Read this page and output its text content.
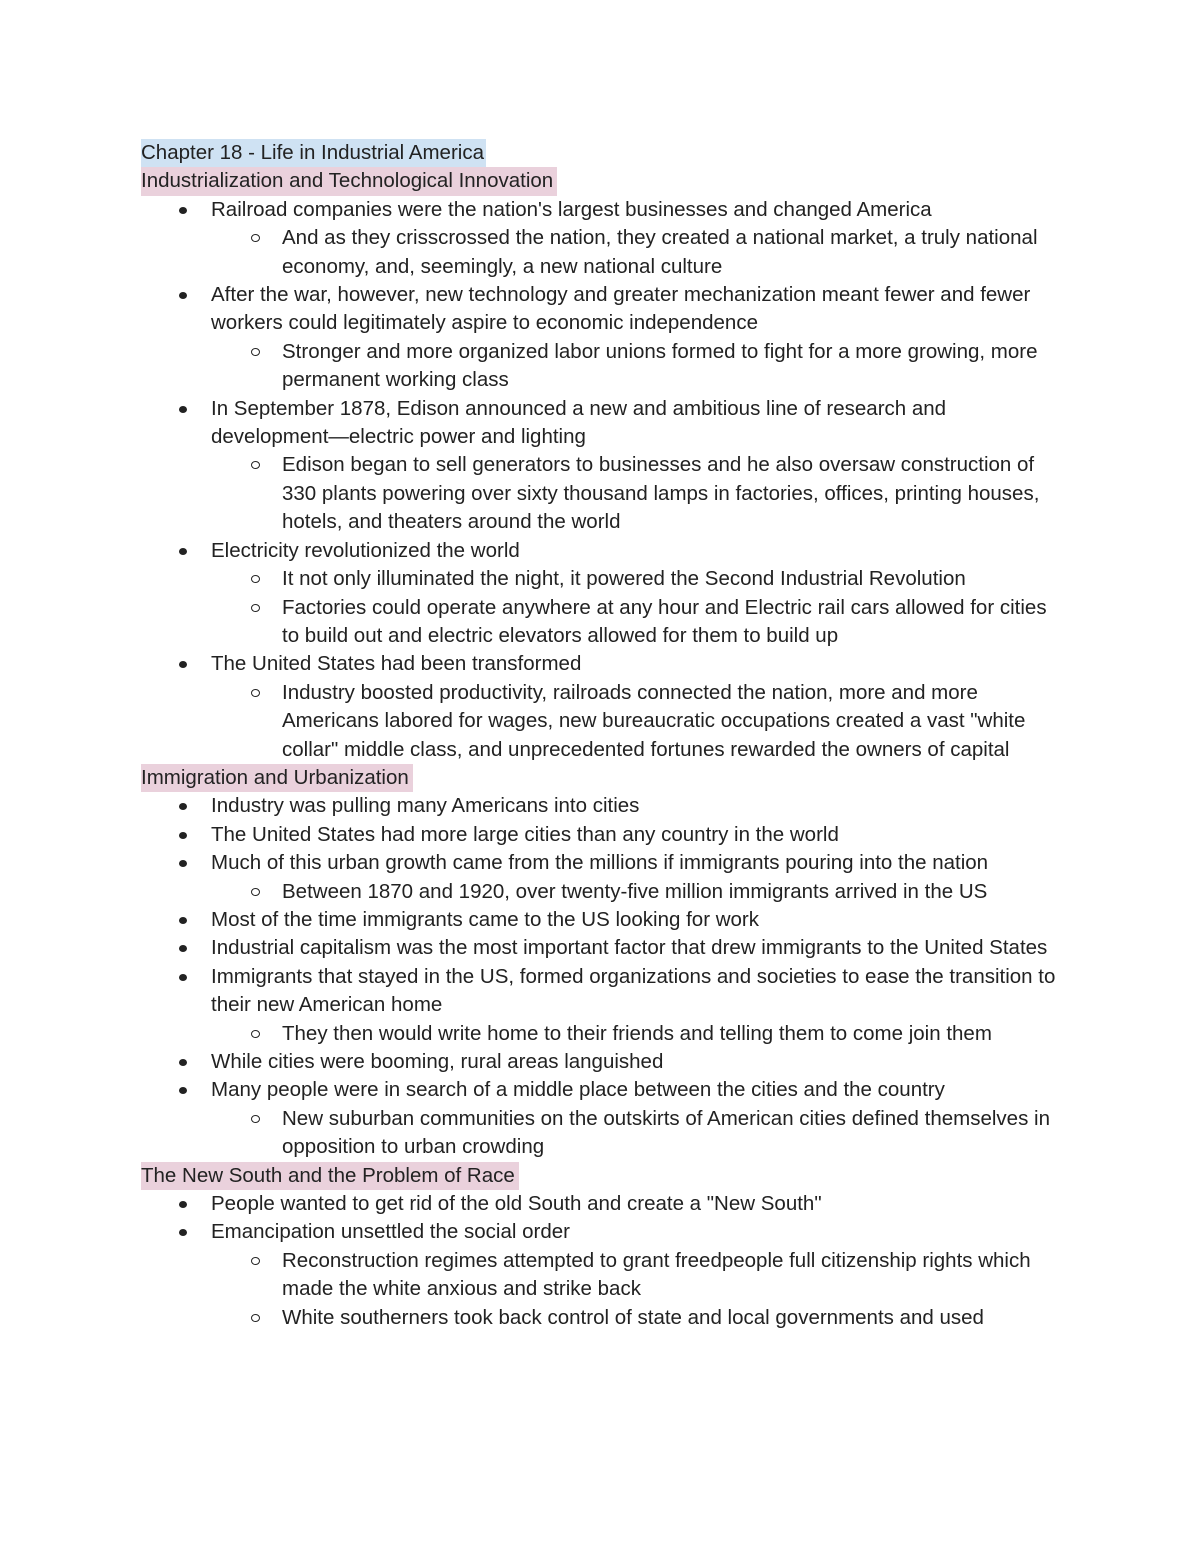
Chapter 18 - Life in Industrial America
Industrialization and Technological Innovation
Railroad companies were the nation's largest businesses and changed America
And as they crisscrossed the nation, they created a national market, a truly national economy, and, seemingly, a new national culture
After the war, however, new technology and greater mechanization meant fewer and fewer workers could legitimately aspire to economic independence
Stronger and more organized labor unions formed to fight for a more growing, more permanent working class
In September 1878, Edison announced a new and ambitious line of research and development—electric power and lighting
Edison began to sell generators to businesses and he also oversaw construction of 330 plants powering over sixty thousand lamps in factories, offices, printing houses, hotels, and theaters around the world
Electricity revolutionized the world
It not only illuminated the night, it powered the Second Industrial Revolution
Factories could operate anywhere at any hour and Electric rail cars allowed for cities to build out and electric elevators allowed for them to build up
The United States had been transformed
Industry boosted productivity, railroads connected the nation, more and more Americans labored for wages, new bureaucratic occupations created a vast "white collar" middle class, and unprecedented fortunes rewarded the owners of capital
Immigration and Urbanization
Industry was pulling many Americans into cities
The United States had more large cities than any country in the world
Much of this urban growth came from the millions if immigrants pouring into the nation
Between 1870 and 1920, over twenty-five million immigrants arrived in the US
Most of the time immigrants came to the US looking for work
Industrial capitalism was the most important factor that drew immigrants to the United States
Immigrants that stayed in the US, formed organizations and societies to ease the transition to their new American home
They then would write home to their friends and telling them to come join them
While cities were booming, rural areas languished
Many people were in search of a middle place between the cities and the country
New suburban communities on the outskirts of American cities defined themselves in opposition to urban crowding
The New South and the Problem of Race
People wanted to get rid of the old South and create a "New South"
Emancipation unsettled the social order
Reconstruction regimes attempted to grant freedpeople full citizenship rights which made the white anxious and strike back
White southerners took back control of state and local governments and used
